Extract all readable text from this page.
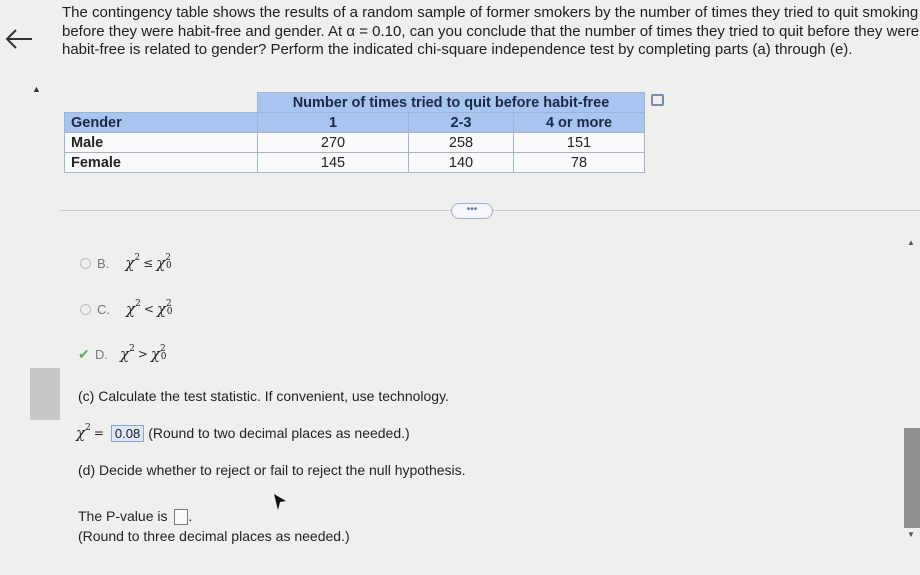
The contingency table shows the results of a random sample of former smokers by the number of times they tried to quit smoking before they were habit-free and gender. At α = 0.10, can you conclude that the number of times they tried to quit before they were habit-free is related to gender? Perform the indicated chi-square independence test by completing parts (a) through (e).

▲
	Number of times tried to quit before habit-free		
Gender	1	2-3	4 or more
Male	270	258	151
Female	145	140	78
•••
▲
▼
B. $\chi^2 \le \chi^2$
$_0$
C. $\chi^2 < \chi^2$
$_0$
✔ D. $\chi^2 > \chi^2$
$_0$

(c) Calculate the test statistic. If convenient, use technology.

$\chi^2 = 0.08$ (Round to two decimal places as needed.)

(d) Decide whether to reject or fail to reject the null hypothesis.

The P-value is .

(Round to three decimal places as needed.)
